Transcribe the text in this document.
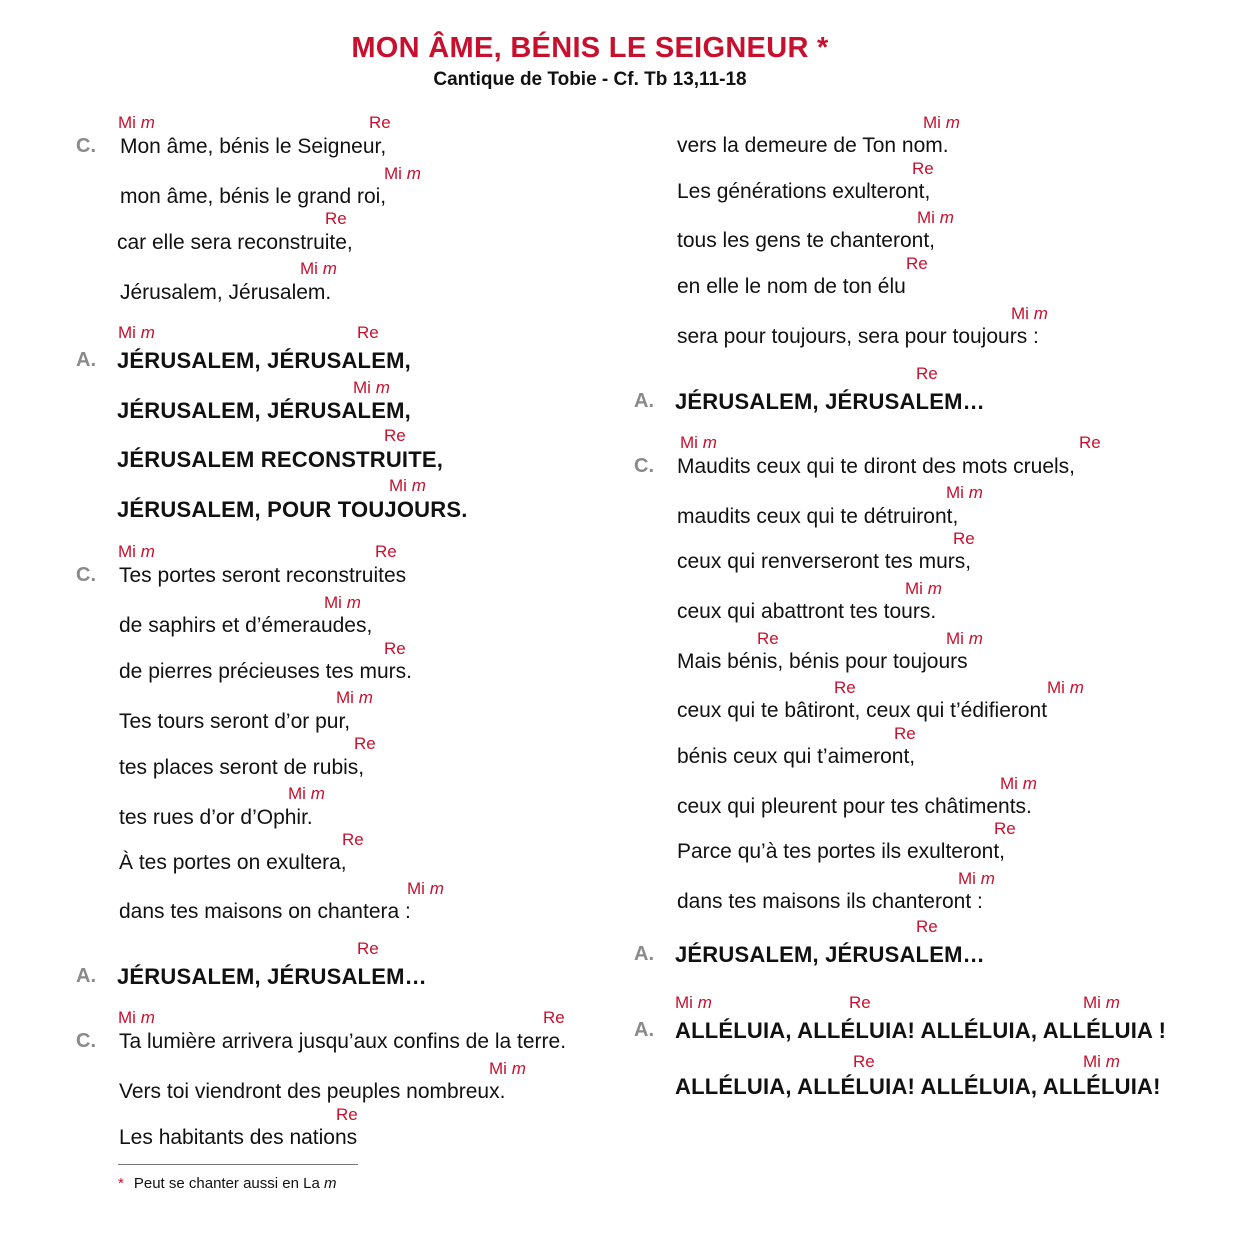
MON ÂME, BÉNIS LE SEIGNEUR *
Cantique de Tobie - Cf. Tb 13,11-18
C.
A.
C.
A.
C.
A.
C.
A.
A.
Mon âme, bénis le Seigneur,
mon âme, bénis le grand roi,
car elle sera reconstruite,
Jérusalem, Jérusalem.
JÉRUSALEM, JÉRUSALEM,
JÉRUSALEM, JÉRUSALEM,
JÉRUSALEM RECONSTRUITE,
JÉRUSALEM, POUR TOUJOURS.
Tes portes seront reconstruites
de saphirs et d’émeraudes,
de pierres précieuses tes murs.
Tes tours seront d’or pur,
tes places seront de rubis,
tes rues d’or d’Ophir.
À tes portes on exultera,
dans tes maisons on chantera :
JÉRUSALEM, JÉRUSALEM…
Ta lumière arrivera jusqu’aux confins de la terre.
Vers toi viendront des peuples nombreux.
Les habitants des nations
vers la demeure de Ton nom.
Les générations exulteront,
tous les gens te chanteront,
en elle le nom de ton élu
sera pour toujours, sera pour toujours :
JÉRUSALEM, JÉRUSALEM…
Maudits ceux qui te diront des mots cruels,
maudits ceux qui te détruiront,
ceux qui renverseront tes murs,
ceux qui abattront tes tours.
Mais bénis, bénis pour toujours
ceux qui te bâtiront, ceux qui t’édifieront
bénis ceux qui t’aimeront,
ceux qui pleurent pour tes châtiments.
Parce qu’à tes portes ils exulteront,
dans tes maisons ils chanteront :
JÉRUSALEM, JÉRUSALEM…
ALLÉLUIA, ALLÉLUIA! ALLÉLUIA, ALLÉLUIA !
ALLÉLUIA, ALLÉLUIA! ALLÉLUIA, ALLÉLUIA!
Mi m	Re
Mi m
Re
Mi m
Mi m	Re
Mi m
Re
Mi m
Mi m	Re
Mi m
Re
Mi m
Re
Mi m
Re
Mi m
Re
Mi m	Re
Mi m
Re
Mi m
Re
Mi m
Re
Mi m
Re
Mi m	Re
Mi m
Re
Mi m
Re	Mi m
Re	Mi m
Re
Mi m
Re
Mi m
Re
Mi m	Re	Mi m
Re	Mi m
* Peut se chanter aussi en La m
